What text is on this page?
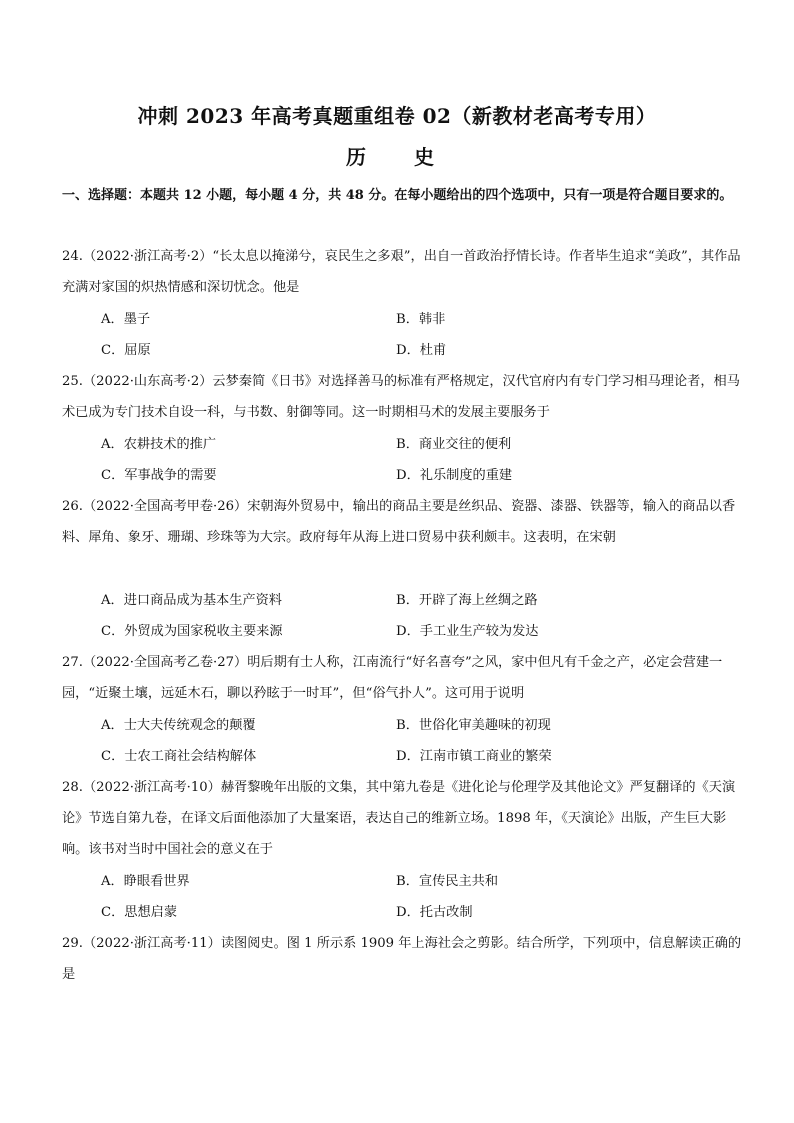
冲刺 2023 年高考真题重组卷 02（新教材老高考专用）
历　史
一、选择题：本题共 12 小题，每小题 4 分，共 48 分。在每小题给出的四个选项中，只有一项是符合题目要求的。

24.（2022·浙江高考·2）“长太息以掩涕兮，哀民生之多艰”，出自一首政治抒情长诗。作者毕生追求“美政”，其作品充满对家国的炽热情感和深切忧念。他是

A．墨子	B．韩非
C．屈原	D．杜甫

25.（2022·山东高考·2）云梦秦简《日书》对选择善马的标准有严格规定，汉代官府内有专门学习相马理论者，相马术已成为专门技术自设一科，与书数、射御等同。这一时期相马术的发展主要服务于

A．农耕技术的推广	B．商业交往的便利
C．军事战争的需要	D．礼乐制度的重建

26.（2022·全国高考甲卷·26）宋朝海外贸易中，输出的商品主要是丝织品、瓷器、漆器、铁器等，输入的商品以香料、犀角、象牙、珊瑚、珍珠等为大宗。政府每年从海上进口贸易中获利颇丰。这表明，在宋朝

A．进口商品成为基本生产资料	B．开辟了海上丝绸之路
C．外贸成为国家税收主要来源	D．手工业生产较为发达

27.（2022·全国高考乙卷·27）明后期有士人称，江南流行“好名喜夸”之风，家中但凡有千金之产，必定会营建一园，“近聚土壤，远延木石，聊以矜眩于一时耳”，但“俗气扑人”。这可用于说明

A．士大夫传统观念的颠覆	B．世俗化审美趣味的初现
C．士农工商社会结构解体	D．江南市镇工商业的繁荣

28.（2022·浙江高考·10）赫胥黎晚年出版的文集，其中第九卷是《进化论与伦理学及其他论文》严复翻译的《天演论》节选自第九卷，在译文后面他添加了大量案语，表达自己的维新立场。1898 年，《天演论》出版，产生巨大影响。该书对当时中国社会的意义在于

A．睁眼看世界	B．宣传民主共和
C．思想启蒙	D．托古改制

29.（2022·浙江高考·11）读图阅史。图 1 所示系 1909 年上海社会之剪影。结合所学，下列项中，信息解读正确的是
